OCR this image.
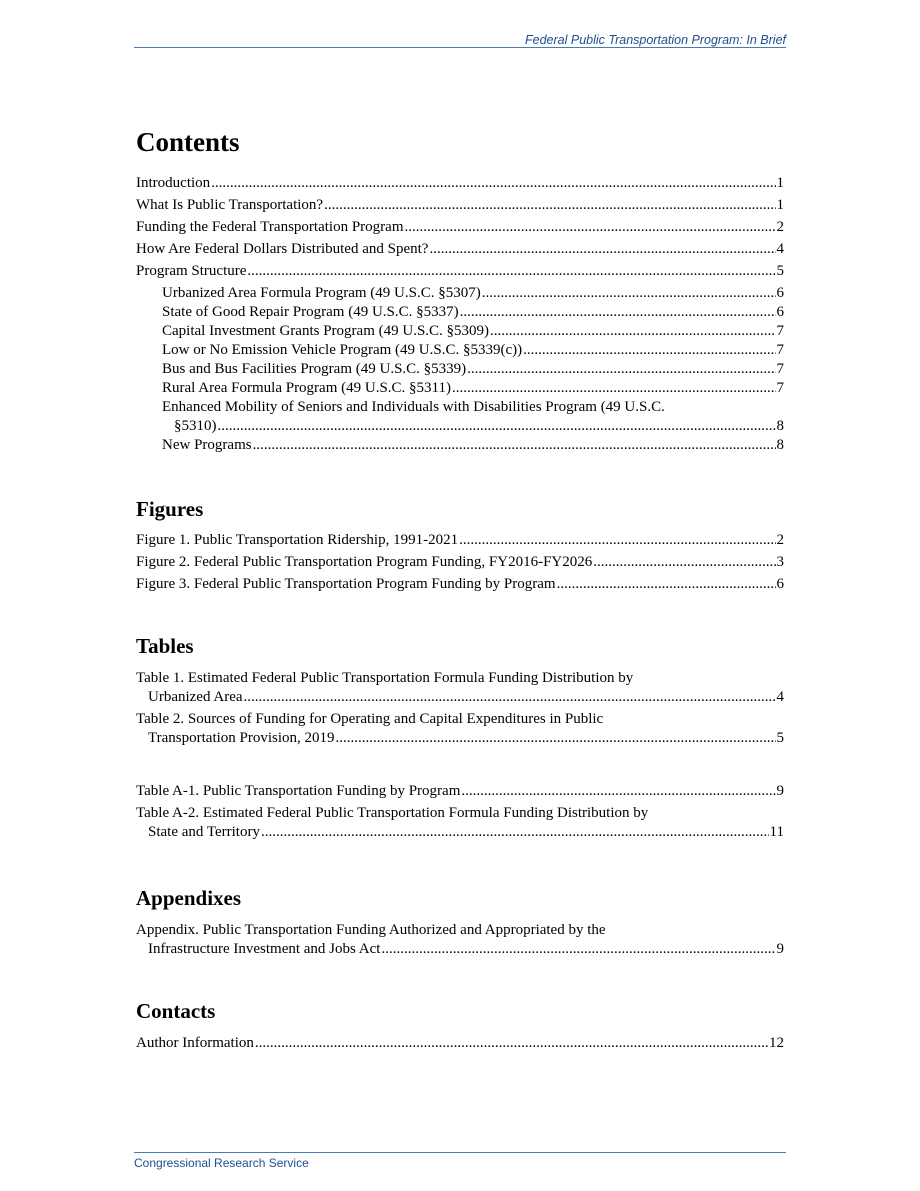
Federal Public Transportation Program: In Brief
Contents
Introduction .....	1
What Is Public Transportation? .....	1
Funding the Federal Transportation Program .....	2
How Are Federal Dollars Distributed and Spent? .....	4
Program Structure .....	5
Urbanized Area Formula Program (49 U.S.C. §5307) .....	6
State of Good Repair Program (49 U.S.C. §5337) .....	6
Capital Investment Grants Program (49 U.S.C. §5309) .....	7
Low or No Emission Vehicle Program (49 U.S.C. §5339(c)) .....	7
Bus and Bus Facilities Program (49 U.S.C. §5339) .....	7
Rural Area Formula Program (49 U.S.C. §5311) .....	7
Enhanced Mobility of Seniors and Individuals with Disabilities Program (49 U.S.C.
§5310) .....	8
New Programs .....	8
Figures
Figure 1. Public Transportation Ridership, 1991-2021 .....	2
Figure 2. Federal Public Transportation Program Funding, FY2016-FY2026 .....	3
Figure 3. Federal Public Transportation Program Funding by Program .....	6
Tables
Table 1. Estimated Federal Public Transportation Formula Funding Distribution by
Urbanized Area .....	4
Table 2. Sources of Funding for Operating and Capital Expenditures in Public
Transportation Provision, 2019 .....	5
Table A-1. Public Transportation Funding by Program .....	9
Table A-2. Estimated Federal Public Transportation Formula Funding Distribution by
State and Territory .....	11
Appendixes
Appendix. Public Transportation Funding Authorized and Appropriated by the
Infrastructure Investment and Jobs Act .....	9
Contacts
Author Information .....	12
Congressional Research Service
